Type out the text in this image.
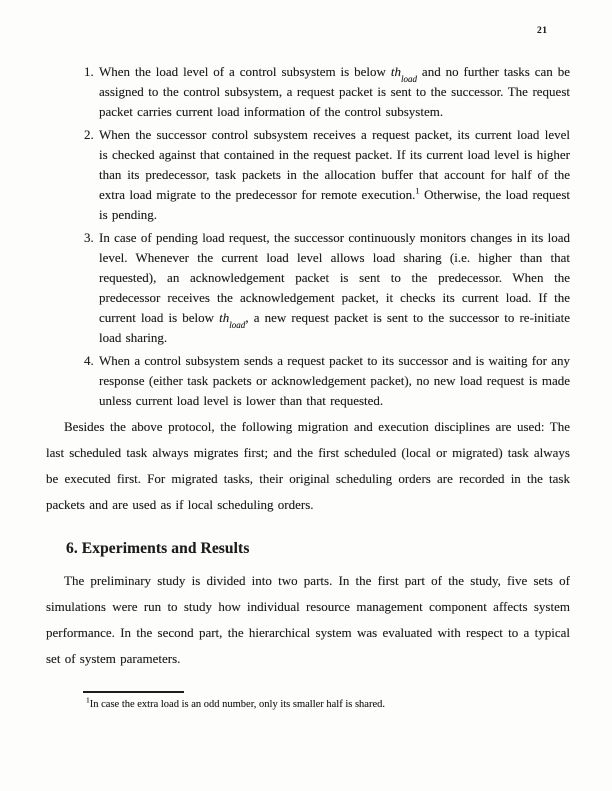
21
1. When the load level of a control subsystem is below $th_{load}$ and no further tasks can be assigned to the control subsystem, a request packet is sent to the successor. The request packet carries current load information of the control subsystem.
2. When the successor control subsystem receives a request packet, its current load level is checked against that contained in the request packet. If its current load level is higher than its predecessor, task packets in the allocation buffer that account for half of the extra load migrate to the predecessor for remote execution.$^1$ Otherwise, the load request is pending.
3. In case of pending load request, the successor continuously monitors changes in its load level. Whenever the current load level allows load sharing (i.e. higher than that requested), an acknowledgement packet is sent to the predecessor. When the predecessor receives the acknowledgement packet, it checks its current load. If the current load is below $th_{load}$, a new request packet is sent to the successor to re-initiate load sharing.
4. When a control subsystem sends a request packet to its successor and is waiting for any response (either task packets or acknowledgement packet), no new load request is made unless current load level is lower than that requested.

Besides the above protocol, the following migration and execution disciplines are used: The last scheduled task always migrates first; and the first scheduled (local or migrated) task always be executed first. For migrated tasks, their original scheduling orders are recorded in the task packets and are used as if local scheduling orders.

6. Experiments and Results

The preliminary study is divided into two parts. In the first part of the study, five sets of simulations were run to study how individual resource management component affects system performance. In the second part, the hierarchical system was evaluated with respect to a typical set of system parameters.

$^1$In case the extra load is an odd number, only its smaller half is shared.
